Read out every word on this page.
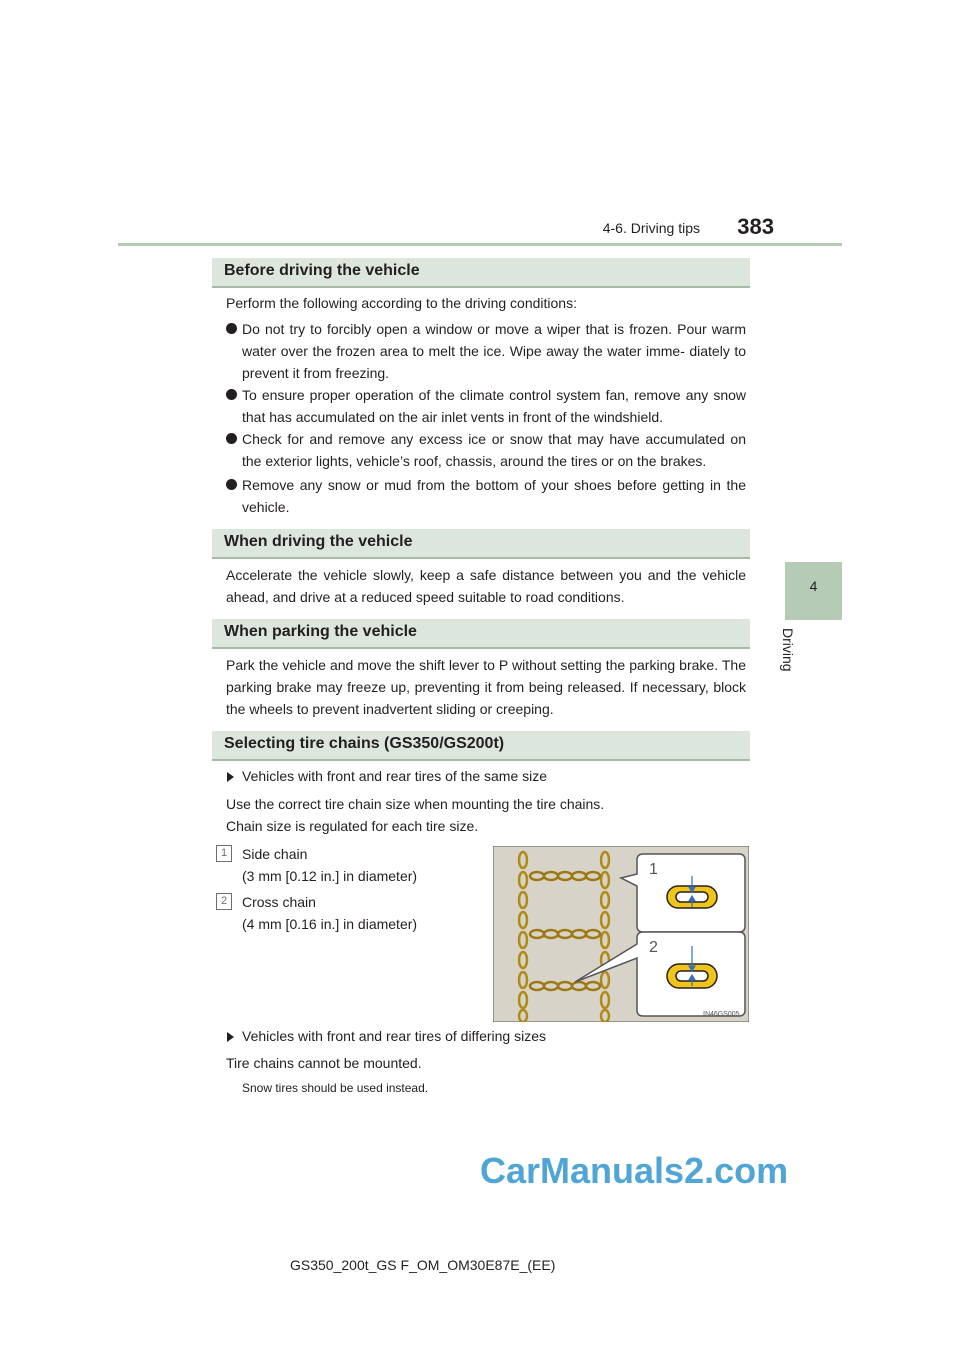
4-6. Driving tips	383
4
Driving
Before driving the vehicle
Perform the following according to the driving conditions:
Do not try to forcibly open a window or move a wiper that is frozen. Pour warm water over the frozen area to melt the ice. Wipe away the water imme- diately to prevent it from freezing.
To ensure proper operation of the climate control system fan, remove any snow that has accumulated on the air inlet vents in front of the windshield.
Check for and remove any excess ice or snow that may have accumulated on the exterior lights, vehicle’s roof, chassis, around the tires or on the brakes.
Remove any snow or mud from the bottom of your shoes before getting in the vehicle.
When driving the vehicle
Accelerate the vehicle slowly, keep a safe distance between you and the vehicle ahead, and drive at a reduced speed suitable to road conditions.
When parking the vehicle
Park the vehicle and move the shift lever to P without setting the parking brake. The parking brake may freeze up, preventing it from being released. If necessary, block the wheels to prevent inadvertent sliding or creeping.
Selecting tire chains (GS350/GS200t)
Vehicles with front and rear tires of the same size
Use the correct tire chain size when mounting the tire chains.
Chain size is regulated for each tire size.
1	Side chain
(3 mm [0.12 in.] in diameter)
2	Cross chain
(4 mm [0.16 in.] in diameter)
1
2
IN46GS005
Vehicles with front and rear tires of differing sizes
Tire chains cannot be mounted.
Snow tires should be used instead.
CarManuals2.com
GS350_200t_GS F_OM_OM30E87E_(EE)
